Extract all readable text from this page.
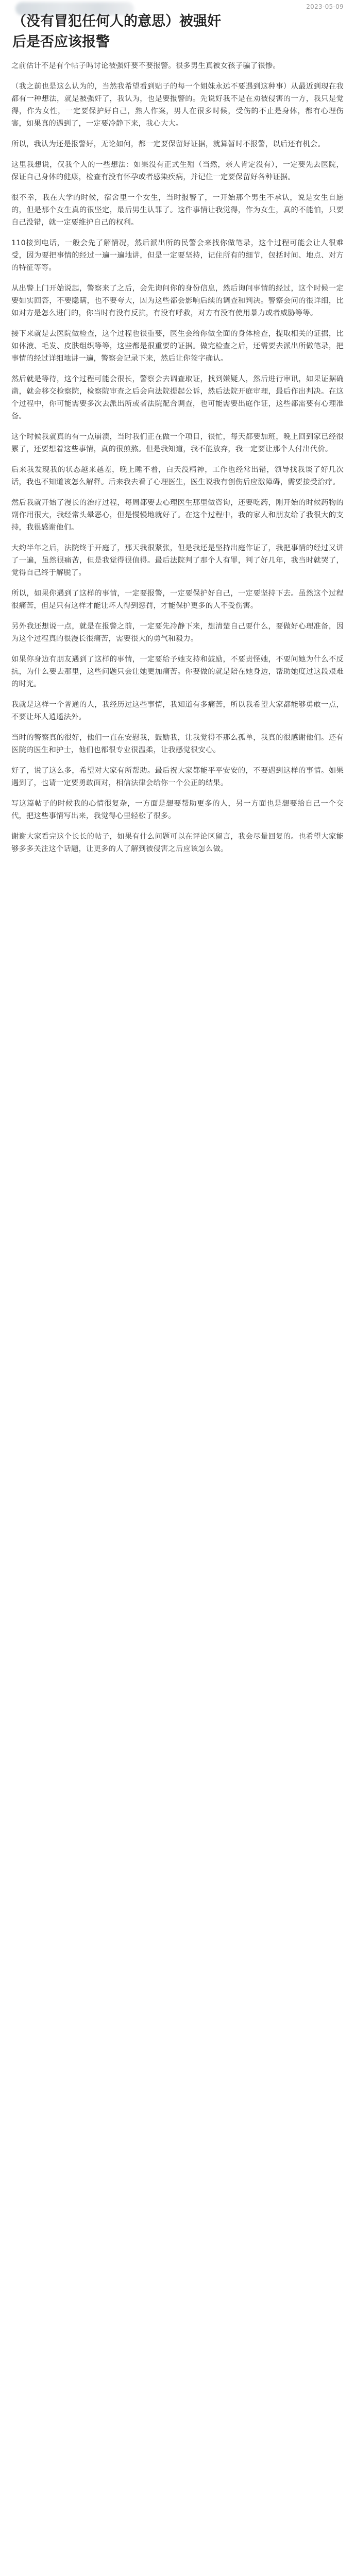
2023-05-09
（没有冒犯任何人的意思）被强奸
后是否应该报警

之前估计不是有个帖子吗讨论被强奸要不要报警。很多男生真被女孩子骗了很惨。

（我之前也是这么认为的，当然我希望看到贴子的每一个姐妹永远不要遇到这种事）从最近到现在我都有一种想法，就是被强奸了，我认为，也是要报警的。先说好我不是在劝被侵害的一方，我只是觉得，作为女性，一定要保护好自己，熟人作案，男人在很多时候，受伤的不止是身体，都有心理伤害，如果真的遇到了，一定要冷静下来，我心大大。

所以，我认为还是报警好，无论如何，都一定要保留好证据，就算暂时不报警，以后还有机会。

这里我想说，仅我个人的一些想法：如果没有正式生殖（当然，亲人肯定没有），一定要先去医院，保证自己身体的健康，检查有没有怀孕或者感染疾病，并记住一定要保留好各种证据。

很不幸，我在大学的时候，宿舍里一个女生，当时报警了，一开始那个男生不承认，说是女生自愿的，但是那个女生真的很坚定，最后男生认罪了。这件事情让我觉得，作为女生，真的不能怕，只要自己没错，就一定要维护自己的权利。

110接到电话，一般会先了解情况，然后派出所的民警会来找你做笔录，这个过程可能会让人很难受，因为要把事情的经过一遍一遍地讲，但是一定要坚持，记住所有的细节，包括时间、地点、对方的特征等等。

从出警上门开始说起，警察来了之后，会先询问你的身份信息，然后询问事情的经过，这个时候一定要如实回答，不要隐瞒，也不要夸大，因为这些都会影响后续的调查和判决。警察会问的很详细，比如对方是怎么进门的，你当时有没有反抗，有没有呼救，对方有没有使用暴力或者威胁等等。

接下来就是去医院做检查，这个过程也很重要，医生会给你做全面的身体检查，提取相关的证据，比如体液、毛发、皮肤组织等等，这些都是很重要的证据。做完检查之后，还需要去派出所做笔录，把事情的经过详细地讲一遍，警察会记录下来，然后让你签字确认。

然后就是等待，这个过程可能会很长，警察会去调查取证，找到嫌疑人，然后进行审讯，如果证据确凿，就会移交检察院，检察院审查之后会向法院提起公诉，然后法院开庭审理，最后作出判决。在这个过程中，你可能需要多次去派出所或者法院配合调查，也可能需要出庭作证，这些都需要有心理准备。

这个时候我就真的有一点崩溃，当时我们正在做一个项目，很忙，每天都要加班，晚上回到家已经很累了，还要想着这些事情，真的很煎熬。但是我知道，我不能放弃，我一定要让那个人付出代价。

后来我发现我的状态越来越差，晚上睡不着，白天没精神，工作也经常出错，领导找我谈了好几次话，我也不知道该怎么解释。后来我去看了心理医生，医生说我有创伤后应激障碍，需要接受治疗。

然后我就开始了漫长的治疗过程，每周都要去心理医生那里做咨询，还要吃药，刚开始的时候药物的副作用很大，我经常头晕恶心，但是慢慢地就好了。在这个过程中，我的家人和朋友给了我很大的支持，我很感谢他们。

大约半年之后，法院终于开庭了，那天我很紧张，但是我还是坚持出庭作证了，我把事情的经过又讲了一遍，虽然很痛苦，但是我觉得很值得。最后法院判了那个人有罪，判了好几年，我当时就哭了，觉得自己终于解脱了。

所以，如果你遇到了这样的事情，一定要报警，一定要保护好自己，一定要坚持下去。虽然这个过程很痛苦，但是只有这样才能让坏人得到惩罚，才能保护更多的人不受伤害。

另外我还想说一点，就是在报警之前，一定要先冷静下来，想清楚自己要什么，要做好心理准备，因为这个过程真的很漫长很痛苦，需要很大的勇气和毅力。

如果你身边有朋友遇到了这样的事情，一定要给予她支持和鼓励，不要责怪她，不要问她为什么不反抗，为什么要去那里，这些问题只会让她更加痛苦。你要做的就是陪在她身边，帮助她度过这段艰难的时光。

我就是这样一个普通的人，我经历过这些事情，我知道有多痛苦，所以我希望大家都能够勇敢一点，不要让坏人逍遥法外。

当时的警察真的很好，他们一直在安慰我，鼓励我，让我觉得不那么孤单，我真的很感谢他们。还有医院的医生和护士，他们也都很专业很温柔，让我感觉很安心。

好了，说了这么多，希望对大家有所帮助。最后祝大家都能平平安安的，不要遇到这样的事情。如果遇到了，也请一定要勇敢面对，相信法律会给你一个公正的结果。

写这篇帖子的时候我的心情很复杂，一方面是想要帮助更多的人，另一方面也是想要给自己一个交代，把这些事情写出来，我觉得心里轻松了很多。

谢谢大家看完这个长长的帖子，如果有什么问题可以在评论区留言，我会尽量回复的。也希望大家能够多多关注这个话题，让更多的人了解到被侵害之后应该怎么做。
